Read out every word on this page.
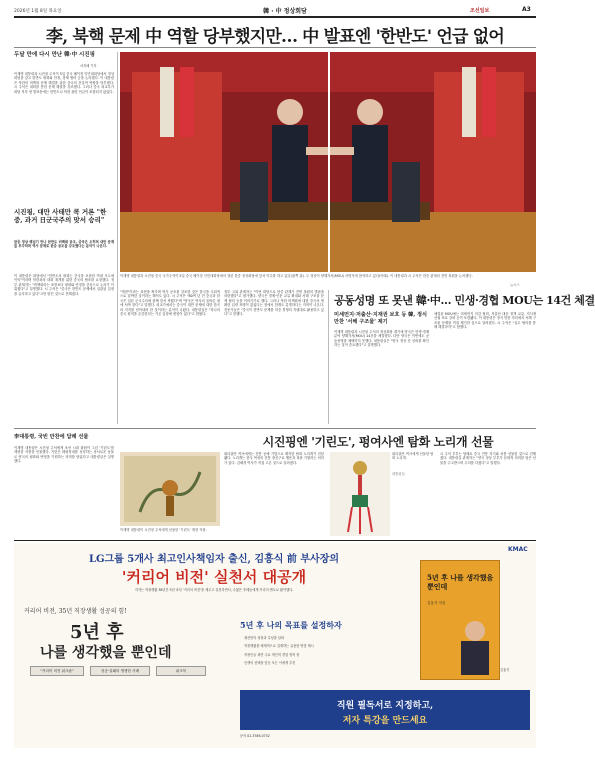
2026년 1월 8일 목요일	韓 · 中 정상회담	조선일보	A3
李, 북핵 문제 中 역할 당부했지만… 中 발표엔 '한반도' 언급 없어
두달 만에 다시 만난 韓·中 시진핑
서지혜 기자
이재명 대통령과 시진핑 주석이 5일 중국 베이징 인민대회당에서 정상회담을 갖고 한반도 평화와 안정, 경제 협력 등을 논의했다. 이 대통령은 북한의 비핵화 문제 해결을 위한 중국의 건설적 역할을 당부했다. 시 주석은 대화를 통한 문제 해결을 강조했다. 그러나 중국 외교부가 회담 직후 낸 발표문에는 한반도나 북한 관련 언급이 포함되지 않았다.
시진핑, 대만 사태만 콕 거론 "한중, 과거 日군국주의 맞서 승리"
한중 정상 해넘기 만나 한반도 비핵화 공조, 중국은 오히려 대만 문제를 부각하며 역사 문제로 한중 공조를 강조했다는 분석이 나온다.
이 대통령은 회담에서 "한반도의 평화는 중국을 포함한 역내 모두에 이익"이라며 북한과의 대화 재개를 위한 중국의 협조를 요청했다. 정부 관계자는 "비핵화라는 표현보다 평화와 안정을 중심으로 논의가 이뤄졌다"고 설명했다. 시 주석은 "중국은 한반도 문제에서 일관된 입장을 유지하고 있다"고만 밝힌 것으로 전해졌다.
이재명 대통령과 시진핑 중국 국가주석이 5일 중국 베이징 인민대회당에서 열린 한중 정상회담에 앞서 악수를 하고 있다(왼쪽 위). 두 정상이 양해각서(MOU) 서명식에 참석하고 있다(아래). 이 대통령과 시 주석은 한중 관계의 전면 복원을 논의했다.
뉴시스
"재현"이라는 표현을 써가며 역사 공조를 강조한 것은 한국을 우회적으로 압박한 것이라는 해석도 있다. 시 주석은 "80여 년 전 중국과 한국은 일본 군국주의에 함께 맞서 싸웠다"며 "양국은 역사의 올바른 편에 서야 한다"고 말했다. 외교가에서는 중국이 대만 문제에 대한 한국의 지지를 얻어내려 한 것이라는 분석이 나왔다. 대통령실은 "하나의 중국 원칙을 존중한다는 기존 입장에 변함이 없다"고 밝혔다.
정부 고위 관계자는 "이번 회담으로 한중 관계가 전면 복원의 발판을 마련했다"고 평가했다. 양국은 경제·인문 교류 확대와 서해 구조물 문제 협의 등을 이어가기로 했다. 그러나 북한 비핵화에 대한 중국의 명확한 입장 표명이 없었다는 점에서 한계도 분명하다는 지적이 나온다. 전문가들은 "중국이 한반도 문제를 미중 경쟁의 지렛대로 활용하고 있다"고 말했다.
공동성명 또 못낸 韓·中… 민생·경협 MOU는 14건 체결
미세먼지·저출산·지재권 보호 등 韓, 정식만찬 '서해 구조물' 제기
이재명 대통령과 시진핑 주석의 정상회담 계기에 양국은 민생·경제 분야 양해각서(MOU) 14건을 체결했다. 다만 양국은 이번에도 공동성명을 채택하지 못했다. 대통령실은 "양국 정상 간 신뢰를 확인하는 것이 중요했다"고 설명했다.
체결된 MOU에는 미세먼지 저감 협력, 저출산 대응 정책 교류, 지식재산권 보호 강화 등이 포함됐다. 이 대통령은 정식 만찬 자리에서 서해 구조물 문제를 직접 제기한 것으로 알려졌다. 시 주석은 "실무 협의를 통해 해결하자"고 답했다.
시진핑엔 '기린도', 펑여사엔 탐화 노리개 선물
李대통령, 국빈 만찬에 답례 선물
이재명 대통령은 시진핑 주석에게 조선 시대 화원이 그린 '기린도'를 재현한 작품을 선물했다. 기린은 태평성대를 상징하는 상서로운 동물로 양국의 평화와 번영을 기원하는 의미를 담았다고 대통령실은 설명했다.
이재명 대통령이 시진핑 주석에게 선물한 '기린도' 재현 작품.
펑리위안 여사에게는 전통 공예 기법으로 제작한 탐화 노리개가 전달됐다. 노리개는 한국 여성의 전통 장신구로 행운과 복을 기원하는 의미가 있다. 김혜경 여사가 직접 고른 것으로 알려졌다.
펑리위안 여사에게 선물한 탐화 노리개.
대통령실
시 주석 부부는 답례로 중국 전통 자기와 차를 선물한 것으로 전해졌다. 대통령실 관계자는 "양국 정상 부부가 문화적 의미를 담은 선물을 주고받으며 우의를 다졌다"고 말했다.
KMAC
LG그룹 5개사 최고인사책임자 출신, 김흥식 前 부사장의
'커리어 비전' 실천서 대공개
저자는 직장생활 38년간 3년 마다 '커리어 비전'을 세우고 실천하면서, 수많은 후배들에게 커리어 멘토로 활약했다.
커리어 비전, 35년 직장생활 성공의 힘!
5년 후
나를 생각했을 뿐인데
"커리어 비전 워크숍"	성공·실패의 생생한 사례	워크북
5년 후 나의 목표를 설정하자
재산만의 성장과 특성을 살펴
직장생활을 체계적으로 설계하는 유용한 방법 제시
직장인들 외면 주요 개인적 경험 영적 장
인생의 선택을 앞둔 모든 이에게 추천
5년 후 나를 생각했을 뿐인데
김흥식 지음
김흥식
직원 필독서로 지정하고,
저자 특강을 만드세요
문의 02-3786-0752
